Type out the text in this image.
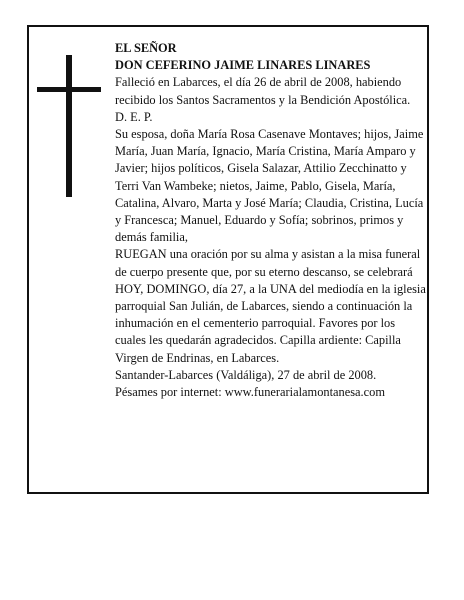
EL SEÑOR

DON CEFERINO JAIME LINARES LINARES

Falleció en Labarces, el día 26 de abril de 2008, habiendo recibido los Santos Sacramentos y la Bendición Apostólica.

D. E. P.

Su esposa, doña María Rosa Casenave Montaves; hijos, Jaime María, Juan María, Ignacio, María Cristina, María Amparo y Javier; hijos políticos, Gisela Salazar, Attilio Zecchinatto y Terri Van Wambeke; nietos, Jaime, Pablo, Gisela, María, Catalina, Alvaro, Marta y José María; Claudia, Cristina, Lucía y Francesca; Manuel, Eduardo y Sofía; sobrinos, primos y demás familia,

RUEGAN una oración por su alma y asistan a la misa funeral de cuerpo presente que, por su eterno descanso, se celebrará HOY, DOMINGO, día 27, a la UNA del mediodía en la iglesia parroquial San Julián, de Labarces, siendo a continuación la inhumación en el cementerio parroquial. Favores por los cuales les quedarán agradecidos. Capilla ardiente: Capilla Virgen de Endrinas, en Labarces.

Santander-Labarces (Valdáliga), 27 de abril de 2008.

Pésames por internet: www.funerarialamontanesa.com
